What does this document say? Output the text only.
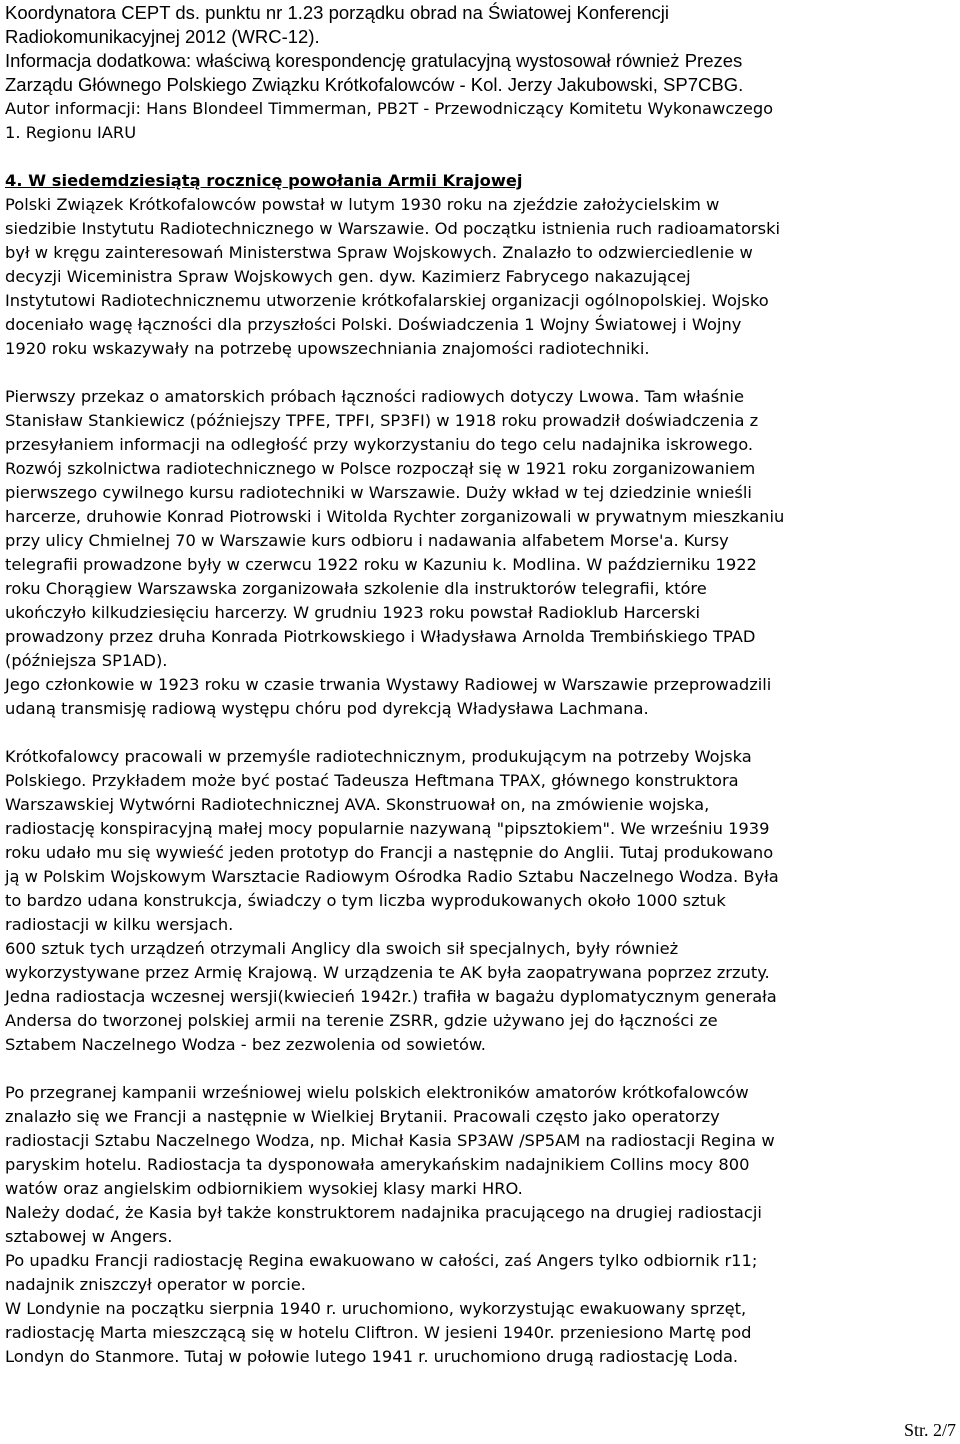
Koordynatora CEPT ds. punktu nr 1.23 porządku obrad na Światowej Konferencji
Radiokomunikacyjnej 2012 (WRC-12).
Informacja dodatkowa: właściwą korespondencję gratulacyjną wystosował również Prezes
Zarządu Głównego Polskiego Związku Krótkofalowców - Kol. Jerzy Jakubowski, SP7CBG.
Autor informacji: Hans Blondeel Timmerman, PB2T - Przewodniczący Komitetu Wykonawczego
1. Regionu IARU
4. W siedemdziesiątą rocznicę powołania Armii Krajowej
Polski Związek Krótkofalowców powstał w lutym 1930 roku na zjeździe założycielskim w
siedzibie Instytutu Radiotechnicznego w Warszawie. Od początku istnienia ruch radioamatorski
był w kręgu zainteresowań Ministerstwa Spraw Wojskowych. Znalazło to odzwierciedlenie w
decyzji Wiceministra Spraw Wojskowych gen. dyw. Kazimierz Fabrycego nakazującej
Instytutowi Radiotechnicznemu utworzenie krótkofalarskiej organizacji ogólnopolskiej. Wojsko
doceniało wagę łączności dla przyszłości Polski. Doświadczenia 1 Wojny Światowej i Wojny
1920 roku wskazywały na potrzebę upowszechniania znajomości radiotechniki.
Pierwszy przekaz o amatorskich próbach łączności radiowych dotyczy Lwowa. Tam właśnie
Stanisław Stankiewicz (późniejszy TPFE, TPFI, SP3FI) w 1918 roku prowadził doświadczenia z
przesyłaniem informacji na odległość przy wykorzystaniu do tego celu nadajnika iskrowego.
Rozwój szkolnictwa radiotechnicznego w Polsce rozpoczął się w 1921 roku zorganizowaniem
pierwszego cywilnego kursu radiotechniki w Warszawie. Duży wkład w tej dziedzinie wnieśli
harcerze, druhowie Konrad Piotrowski i Witolda Rychter zorganizowali w prywatnym mieszkaniu
przy ulicy Chmielnej 70 w Warszawie kurs odbioru i nadawania alfabetem Morse'a. Kursy
telegrafii prowadzone były w czerwcu 1922 roku w Kazuniu k. Modlina. W październiku 1922
roku Chorągiew Warszawska zorganizowała szkolenie dla instruktorów telegrafii, które
ukończyło kilkudziesięciu harcerzy. W grudniu 1923 roku powstał Radioklub Harcerski
prowadzony przez druha Konrada Piotrkowskiego i Władysława Arnolda Trembińskiego TPAD
(późniejsza SP1AD).
Jego członkowie w 1923 roku w czasie trwania Wystawy Radiowej w Warszawie przeprowadzili
udaną transmisję radiową występu chóru pod dyrekcją Władysława Lachmana.
Krótkofalowcy pracowali w przemyśle radiotechnicznym, produkującym na potrzeby Wojska
Polskiego. Przykładem może być postać Tadeusza Heftmana TPAX, głównego konstruktora
Warszawskiej Wytwórni Radiotechnicznej AVA. Skonstruował on, na zmówienie wojska,
radiostację konspiracyjną małej mocy popularnie nazywaną "pipsztokiem". We wrześniu 1939
roku udało mu się wywieść jeden prototyp do Francji a następnie do Anglii. Tutaj produkowano
ją w Polskim Wojskowym Warsztacie Radiowym Ośrodka Radio Sztabu Naczelnego Wodza. Była
to bardzo udana konstrukcja, świadczy o tym liczba wyprodukowanych około 1000 sztuk
radiostacji w kilku wersjach.
600 sztuk tych urządzeń otrzymali Anglicy dla swoich sił specjalnych, były również
wykorzystywane przez Armię Krajową. W urządzenia te AK była zaopatrywana poprzez zrzuty.
Jedna radiostacja wczesnej wersji(kwiecień 1942r.) trafiła w bagażu dyplomatycznym generała
Andersa do tworzonej polskiej armii na terenie ZSRR, gdzie używano jej do łączności ze
Sztabem Naczelnego Wodza - bez zezwolenia od sowietów.
Po przegranej kampanii wrześniowej wielu polskich elektroników amatorów krótkofalowców
znalazło się we Francji a następnie w Wielkiej Brytanii. Pracowali często jako operatorzy
radiostacji Sztabu Naczelnego Wodza, np. Michał Kasia SP3AW /SP5AM na radiostacji Regina w
paryskim hotelu. Radiostacja ta dysponowała amerykańskim nadajnikiem Collins mocy 800
watów oraz angielskim odbiornikiem wysokiej klasy marki HRO.
Należy dodać, że Kasia był także konstruktorem nadajnika pracującego na drugiej radiostacji
sztabowej w Angers.
Po upadku Francji radiostację Regina ewakuowano w całości, zaś Angers tylko odbiornik r11;
nadajnik zniszczył operator w porcie.
W Londynie na początku sierpnia 1940 r. uruchomiono, wykorzystując ewakuowany sprzęt,
radiostację Marta mieszczącą się w hotelu Cliftron. W jesieni 1940r. przeniesiono Martę pod
Londyn do Stanmore. Tutaj w połowie lutego 1941 r. uruchomiono drugą radiostację Loda.
Str. 2/7
